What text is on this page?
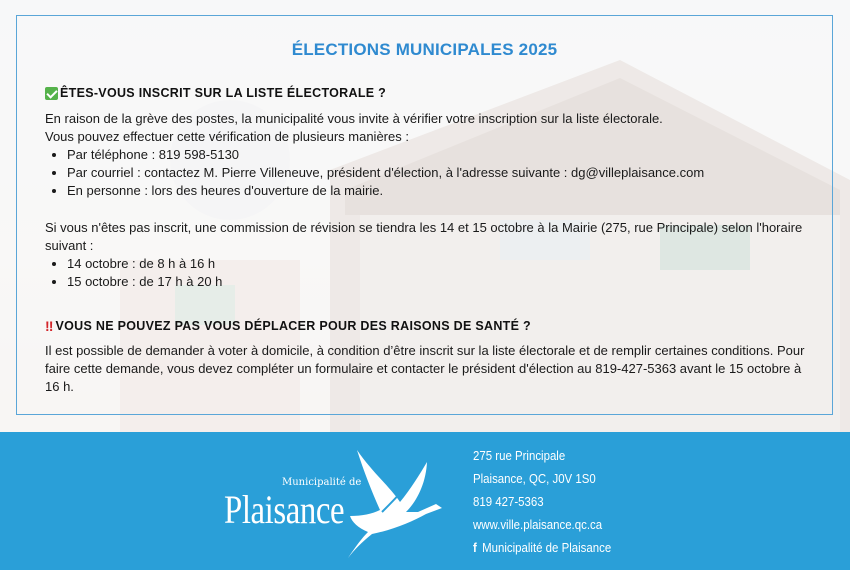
ÉLECTIONS MUNICIPALES 2025
ÊTES-VOUS INSCRIT SUR LA LISTE ÉLECTORALE ?

En raison de la grève des postes, la municipalité vous invite à vérifier votre inscription sur la liste électorale.

Vous pouvez effectuer cette vérification de plusieurs manières :

• Par téléphone : 819 598-5130
• Par courriel : contactez M. Pierre Villeneuve, président d'élection, à l'adresse suivante : dg@villeplaisance.com
• En personne : lors des heures d'ouverture de la mairie.

Si vous n'êtes pas inscrit, une commission de révision se tiendra les 14 et 15 octobre à la Mairie (275, rue Principale) selon l'horaire suivant :

• 14 octobre : de 8 h à 16 h
• 15 octobre : de 17 h à 20 h
‼ VOUS NE POUVEZ PAS VOUS DÉPLACER POUR DES RAISONS DE SANTÉ ?

Il est possible de demander à voter à domicile, à condition d’être inscrit sur la liste électorale et de remplir certaines conditions. Pour faire cette demande, vous devez compléter un formulaire et contacter le président d'élection au 819-427-5363 avant le 15 octobre à 16 h.

Municipalité de
Plaisance
275 rue Principale
Plaisance, QC, J0V 1S0
819 427-5363
www.ville.plaisance.qc.ca
f Municipalité de Plaisance
